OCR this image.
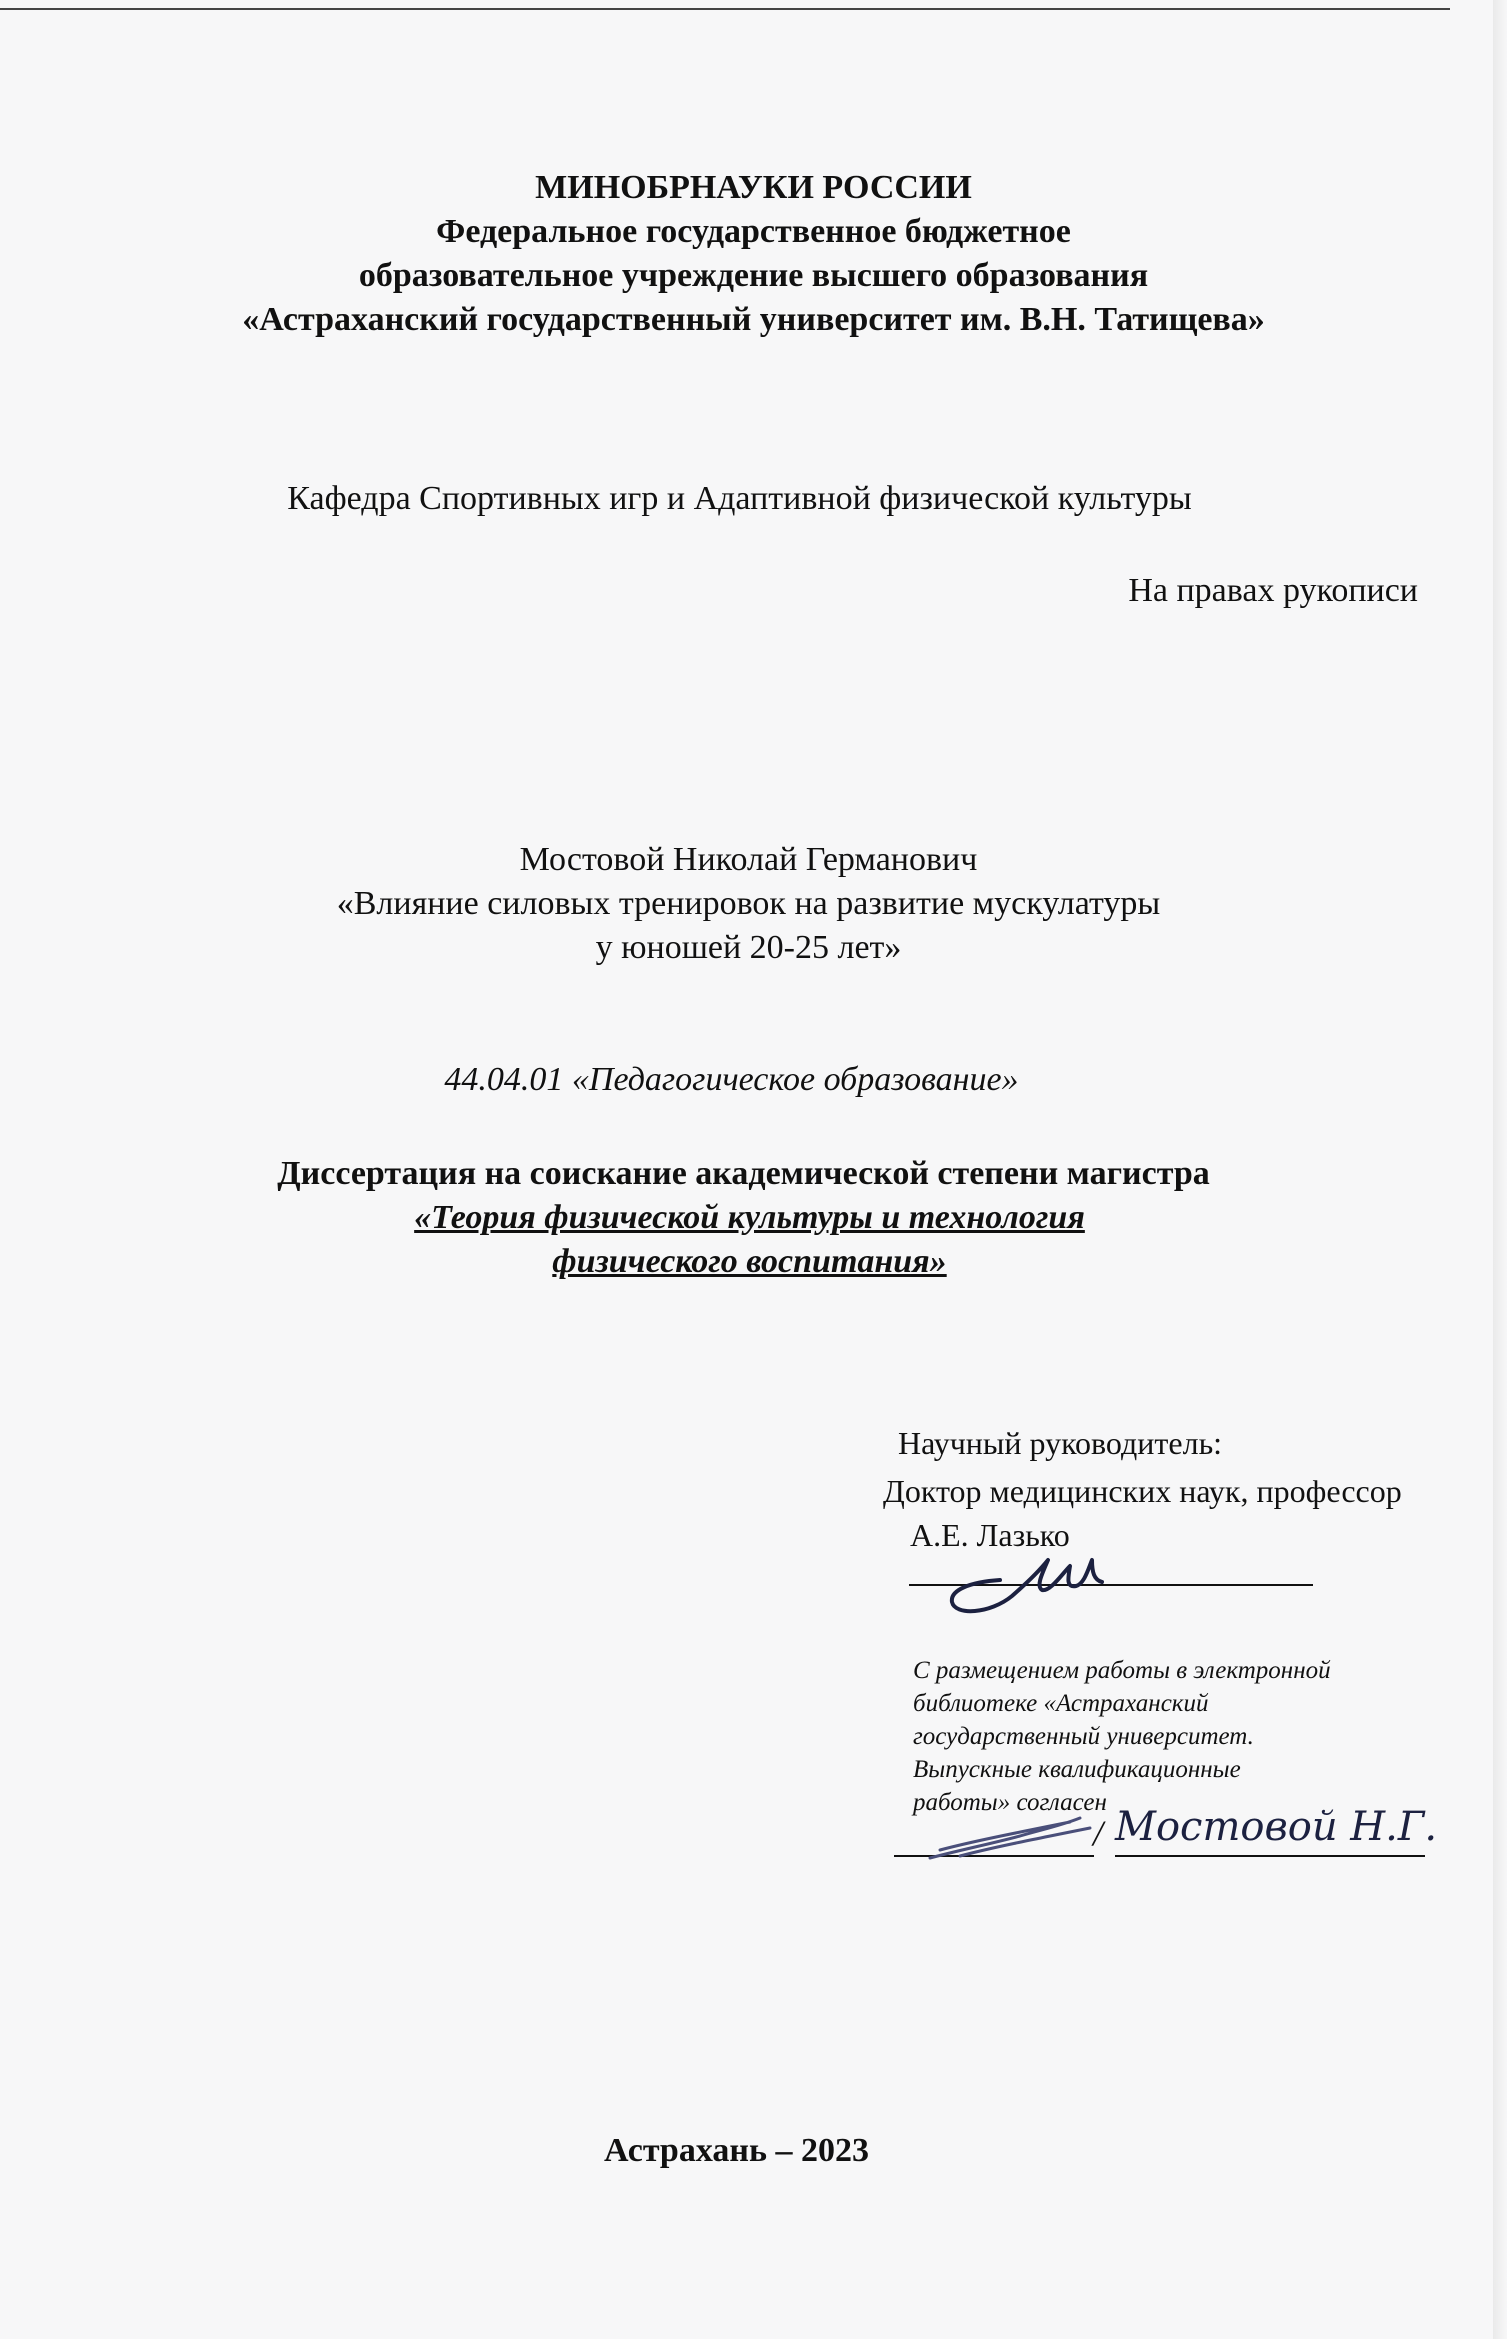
МИНОБРНАУКИ РОССИИ
Федеральное государственное бюджетное
образовательное учреждение высшего образования
«Астраханский государственный университет им. В.Н. Татищева»
Кафедра Спортивных игр и Адаптивной физической культуры
На правах рукописи
Мостовой Николай Германович
«Влияние силовых тренировок на развитие мускулатуры
у юношей 20-25 лет»
44.04.01 «Педагогическое образование»
Диссертация на соискание академической степени магистра
«Теория физической культуры и технология
физического воспитания»
Научный руководитель:
Доктор медицинских наук, профессор
А.Е. Лазько
С размещением работы в электронной
библиотеке «Астраханский
государственный университет.
Выпускные квалификационные
работы» согласен
/ Мостовой Н.Г.
Астрахань – 2023
